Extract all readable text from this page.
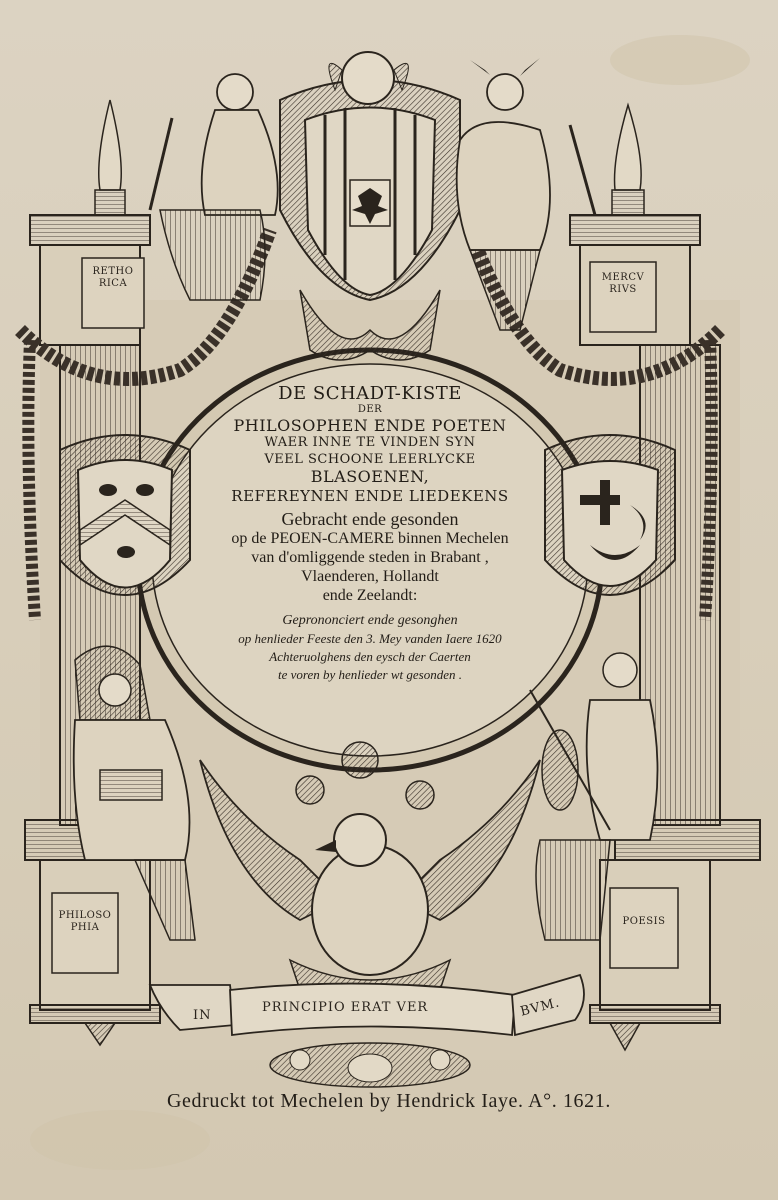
RETHO
RICA
MERCV
RIVS
PHILOSO
PHIA
POESIS
DE SCHADT-KISTE
DER
PHILOSOPHEN ENDE POETEN
WAER INNE TE VINDEN SYN
VEEL SCHOONE LEERLYCKE
BLASOENEN,
REFEREYNEN ENDE LIEDEKENS
Gebracht ende gesonden
op de PEOEN-CAMERE binnen Mechelen
van d'omliggende steden in Brabant ,
Vlaenderen, Hollandt
ende Zeelandt:
Geprononciert ende gesonghen
op henlieder Feeste den 3. Mey vanden Iaere 1620
Achteruolghens den eysch der Caerten
te voren by henlieder wt gesonden .
IN
PRINCIPIO ERAT VER	BVM.
Gedruckt tot Mechelen by Hendrick Iaye. A°. 1621.
